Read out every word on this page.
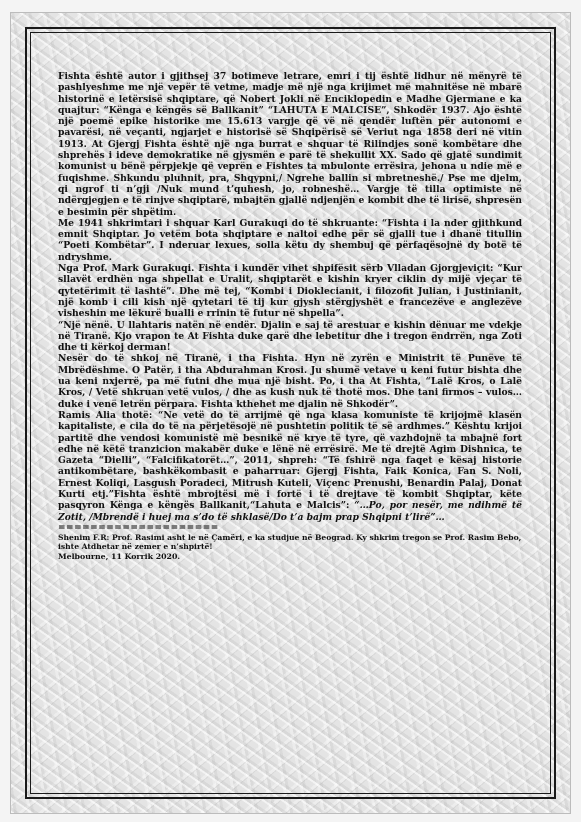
Fishta është autor i gjithsej 37 botimeve letrare, emri i tij është lidhur në mënyrë të pashlyeshme me një vepër të vetme, madje më një nga krijimet më mahnitëse në mbarë historinë e letërsisë shqiptare, që Nobert Jokli në Enciklopedin e Madhe Gjermane e ka quajtur: “Kënga e këngës së Ballkanit” “LAHUTA E MALCISE”, Shkodër 1937. Ajo është një poemë epike historike me 15.613 vargje që vë në qendër luftën për autonomi e pavarësi, në veçanti, ngjarjet e historisë së Shqipërisë së Veriut nga 1858 deri në vitin 1913. At Gjergj Fishta është një nga burrat e shquar të Rilindjes sonë kombëtare dhe shprehës i ideve demokratike në gjysmën e parë të shekullit XX. Sado që gjatë sundimit komunist u bënë përpjekje që veprën e Fishtes ta mbulonte errësira, jehona u ndie më e fuqishme. Shkundu pluhnit, pra, Shqypni,/ Ngrehe ballin si mbretneshë./ Pse me djelm, qi ngrof ti n’gji /Nuk mund t’quhesh, jo, robneshë… Vargje të tilla optimiste në ndërgjegjen e të rinjve shqiptarë, mbajtën gjallë ndjenjën e kombit dhe të lirisë, shpresën e besimin për shpëtim.

Me 1941 shkrimtari i shquar Karl Gurakuqi do të shkruante: “Fishta i la nder gjithkund emnit Shqiptar. Jo vetëm bota shqiptare e naltoi edhe për së gjalli tue i dhanë titullin “Poeti Kombëtar”. I nderuar lexues, solla këtu dy shembuj që përfaqësojnë dy botë të ndryshme.

Nga Prof. Mark Gurakuqi. Fishta i kundër vihet shpifësit sërb Vlladan Gjorgjeviçit: “Kur sllavët erdhën nga shpellat e Uralit, shqiptarët e kishin kryer ciklin dy mijë vjeçar të qytetërimit të lashtë”. Dhe më tej, “Kombi i Dioklecianit, i filozofit Julian, i Justinianit, një komb i cili kish një qytetari të tij kur gjysh stërgjyshët e francezëve e anglezëve visheshin me lëkurë bualli e rrinin të futur në shpella”.

“Një nënë. U llahtaris natën në endër. Djalin e saj të arestuar e kishin dënuar me vdekje në Tiranë. Kjo vrapon te At Fishta duke qarë dhe lebetitur dhe i tregon ëndrrën, nga Zoti dhe ti kërkoj derman!

Nesër do të shkoj në Tiranë, i tha Fishta. Hyn në zyrën e Ministrit të Punëve të Mbrëdëshme. O Patër, i tha Abdurahman Krosi. Ju shumë vetave u keni futur bishta dhe ua keni nxjerrë, pa më futni dhe mua një bisht. Po, i tha At Fishta, “Lalë Kros, o Lalë Kros, / Vetë shkruan vetë vulos, / dhe as kush nuk të thotë mos. Dhe tani firmos – vulos… duke i venë letrën përpara. Fishta kthehet me djalin në Shkodër”.

Ramis Alia thotë: “Ne vetë do të arrijmë që nga klasa komuniste të krijojmë klasën kapitaliste, e cila do të na përjetësojë në pushtetin politik të së ardhmes.” Kështu krijoi partitë dhe vendosi komunistë më besnikë në krye të tyre, që vazhdojnë ta mbajnë fort edhe në këtë tranzicion makabër duke e lënë në errësirë. Me të drejtë Agim Dishnica, te Gazeta “Dielli”, “Falcifikatorët…”, 2011, shpreh: “Të fshirë nga faqet e kësaj historie antikombëtare, bashkëkombasit e paharruar: Gjergj Fishta, Faik Konica, Fan S. Noli, Ernest Koliqi, Lasgush Poradeci, Mitrush Kuteli, Viçenc Prenushi, Benardin Palaj, Donat Kurti etj.”Fishta është mbrojtësi më i fortë i të drejtave të kombit Shqiptar, këte pasqyron Kënga e këngës Ballkanit,“Lahuta e Malcis”: “…Po, por nesër, me ndihmë të Zotit, /Mbrendë i huej ma s’do të shklasë/Do t’a bajm prap Shqipni t’lirë”…

====================

Shenim F.R: Prof. Rasimi asht le në Çamëri, e ka studjue në Beograd. Ky shkrim tregon se Prof. Rasim Bebo, ishte Atdhetar në zemer e n’shpirtë!

Melbourne, 11 Korrik 2020.
